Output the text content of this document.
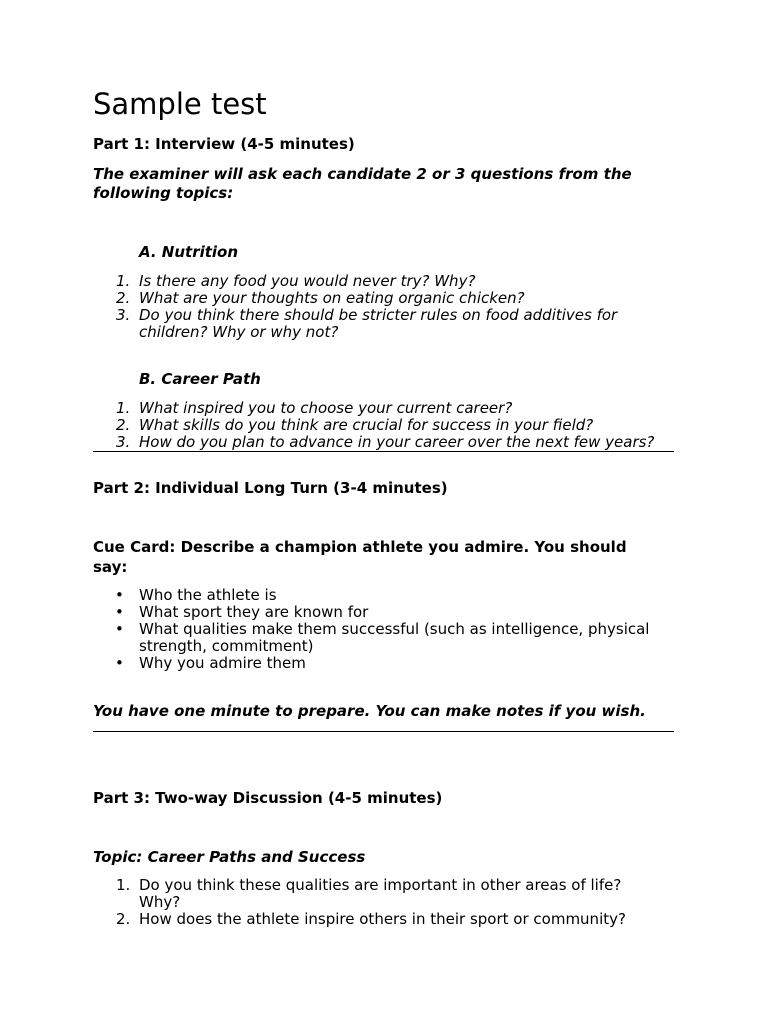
Sample test
Part 1: Interview (4-5 minutes)
The examiner will ask each candidate 2 or 3 questions from the
following topics:
A. Nutrition
1. Is there any food you would never try? Why?
2. What are your thoughts on eating organic chicken?
3. Do you think there should be stricter rules on food additives for
children? Why or why not?
B. Career Path
1. What inspired you to choose your current career?
2. What skills do you think are crucial for success in your field?
3. How do you plan to advance in your career over the next few years?
Part 2: Individual Long Turn (3-4 minutes)
Cue Card: Describe a champion athlete you admire. You should
say:
• Who the athlete is
• What sport they are known for
• What qualities make them successful (such as intelligence, physical
strength, commitment)
• Why you admire them
You have one minute to prepare. You can make notes if you wish.
Part 3: Two-way Discussion (4-5 minutes)
Topic: Career Paths and Success
1. Do you think these qualities are important in other areas of life?
Why?
2. How does the athlete inspire others in their sport or community?
